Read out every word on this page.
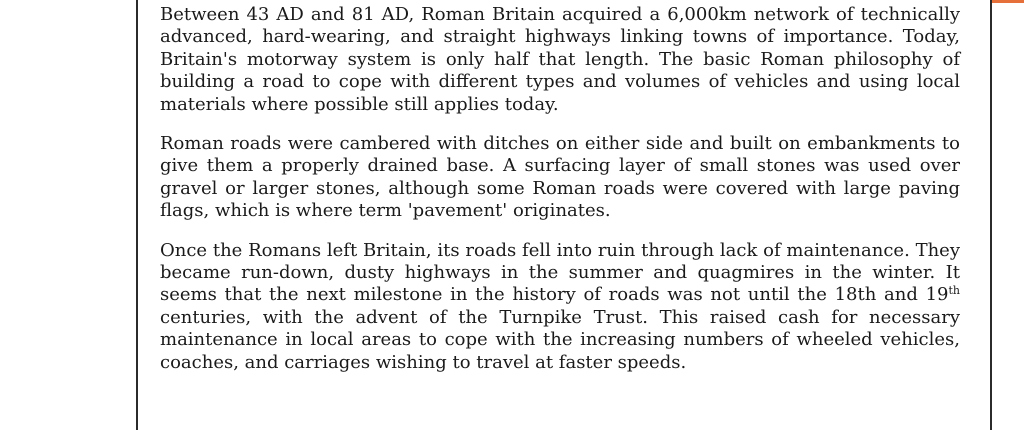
Between 43 AD and 81 AD, Roman Britain acquired a 6,000km network of technically advanced, hard-wearing, and straight highways linking towns of importance. Today, Britain's motorway system is only half that length. The basic Roman philosophy of building a road to cope with different types and volumes of vehicles and using local materials where possible still applies today.

Roman roads were cambered with ditches on either side and built on embankments to give them a properly drained base. A surfacing layer of small stones was used over gravel or larger stones, although some Roman roads were covered with large paving flags, which is where term 'pavement' originates.

Once the Romans left Britain, its roads fell into ruin through lack of maintenance. They became run-down, dusty highways in the summer and quagmires in the winter. It seems that the next milestone in the history of roads was not until the 18th and 19th centuries, with the advent of the Turnpike Trust. This raised cash for necessary maintenance in local areas to cope with the increasing numbers of wheeled vehicles, coaches, and carriages wishing to travel at faster speeds.
